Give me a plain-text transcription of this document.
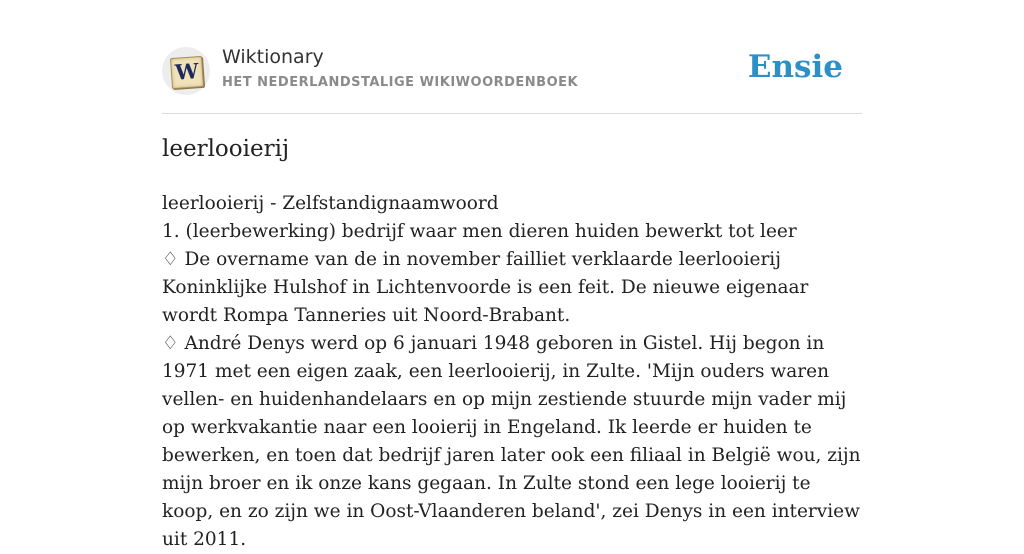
W
Wiktionary
HET NEDERLANDSTALIGE WIKIWOORDENBOEK	Ensie
leerlooierij

leerlooierij - Zelfstandignaamwoord

1. (leerbewerking) bedrijf waar men dieren huiden bewerkt tot leer

♢ De overname van de in november failliet verklaarde leerlooierij Koninklijke Hulshof in Lichtenvoorde is een feit. De nieuwe eigenaar wordt Rompa Tanneries uit Noord-Brabant.

♢ André Denys werd op 6 januari 1948 geboren in Gistel. Hij begon in 1971 met een eigen zaak, een leerlooierij, in Zulte. 'Mijn ouders waren vellen- en huidenhandelaars en op mijn zestiende stuurde mijn vader mij op werkvakantie naar een looierij in Engeland. Ik leerde er huiden te bewerken, en toen dat bedrijf jaren later ook een filiaal in België wou, zijn mijn broer en ik onze kans gegaan. In Zulte stond een lege looierij te koop, en zo zijn we in Oost-Vlaanderen beland', zei Denys in een interview uit 2011.
